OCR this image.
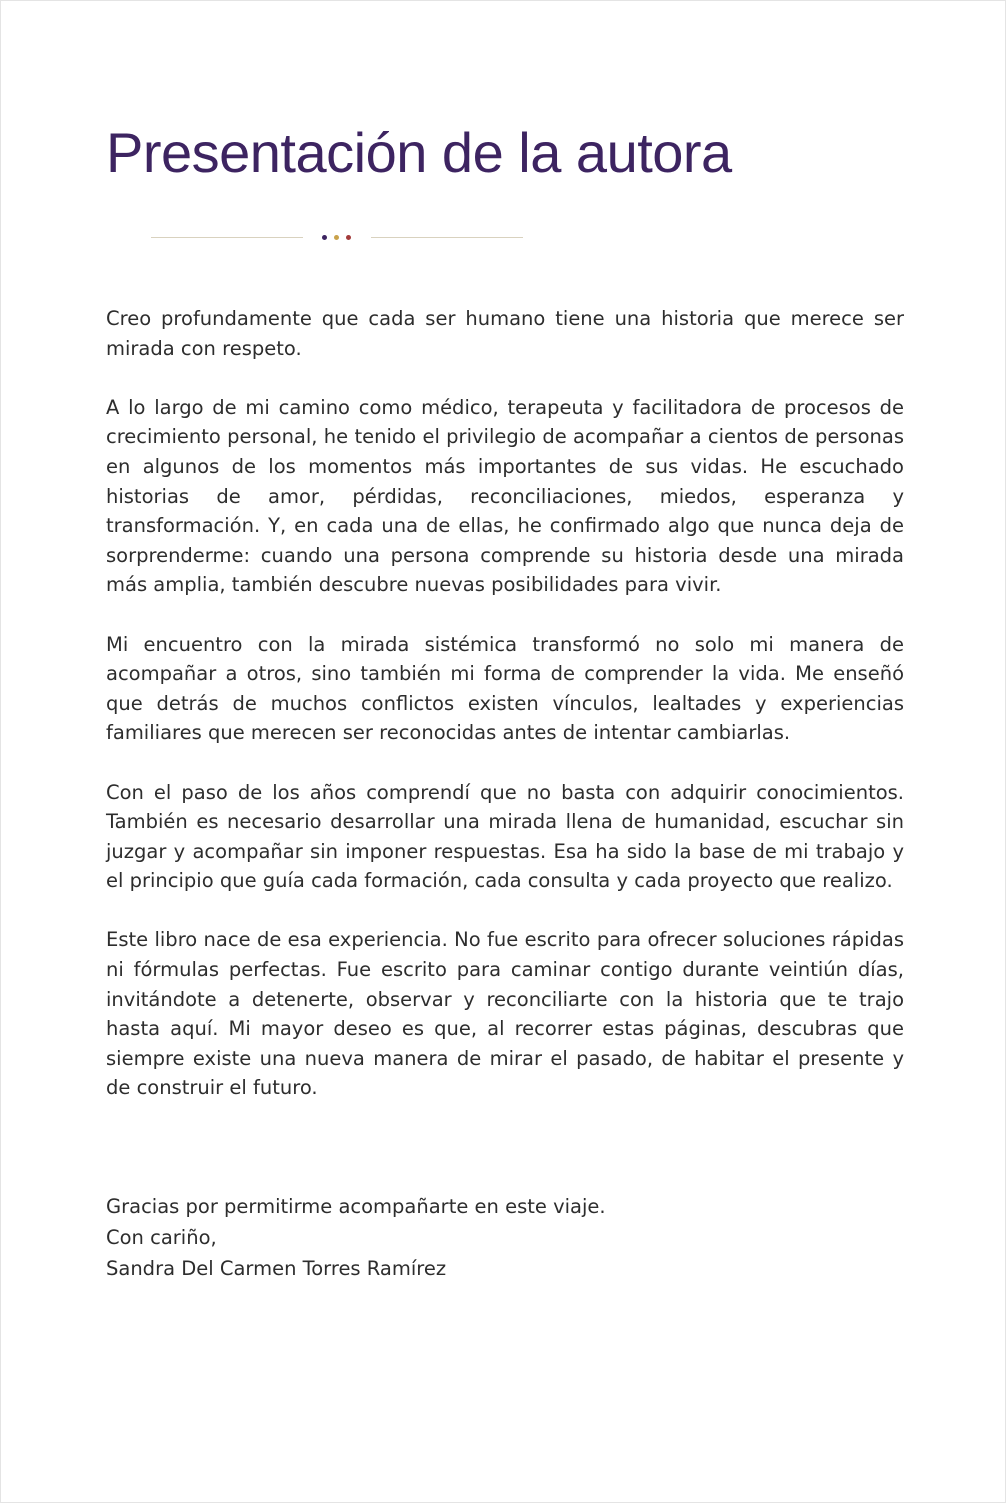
Presentación de la autora

Creo profundamente que cada ser humano tiene una historia que merece ser mirada con respeto.

A lo largo de mi camino como médico, terapeuta y facilitadora de procesos de crecimiento personal, he tenido el privilegio de acompañar a cientos de personas en algunos de los momentos más importantes de sus vidas. He escuchado historias de amor, pérdidas, reconciliaciones, miedos, esperanza y transformación. Y, en cada una de ellas, he confirmado algo que nunca deja de sorprenderme: cuando una persona comprende su historia desde una mirada más amplia, también descubre nuevas posibilidades para vivir.

Mi encuentro con la mirada sistémica transformó no solo mi manera de acompañar a otros, sino también mi forma de comprender la vida. Me enseñó que detrás de muchos conflictos existen vínculos, lealtades y experiencias familiares que merecen ser reconocidas antes de intentar cambiarlas.

Con el paso de los años comprendí que no basta con adquirir conocimientos. También es necesario desarrollar una mirada llena de humanidad, escuchar sin juzgar y acompañar sin imponer respuestas. Esa ha sido la base de mi trabajo y el principio que guía cada formación, cada consulta y cada proyecto que realizo.

Este libro nace de esa experiencia. No fue escrito para ofrecer soluciones rápidas ni fórmulas perfectas. Fue escrito para caminar contigo durante veintiún días, invitándote a detenerte, observar y reconciliarte con la historia que te trajo hasta aquí. Mi mayor deseo es que, al recorrer estas páginas, descubras que siempre existe una nueva manera de mirar el pasado, de habitar el presente y de construir el futuro.

Gracias por permitirme acompañarte en este viaje.
Con cariño,
Sandra Del Carmen Torres Ramírez
